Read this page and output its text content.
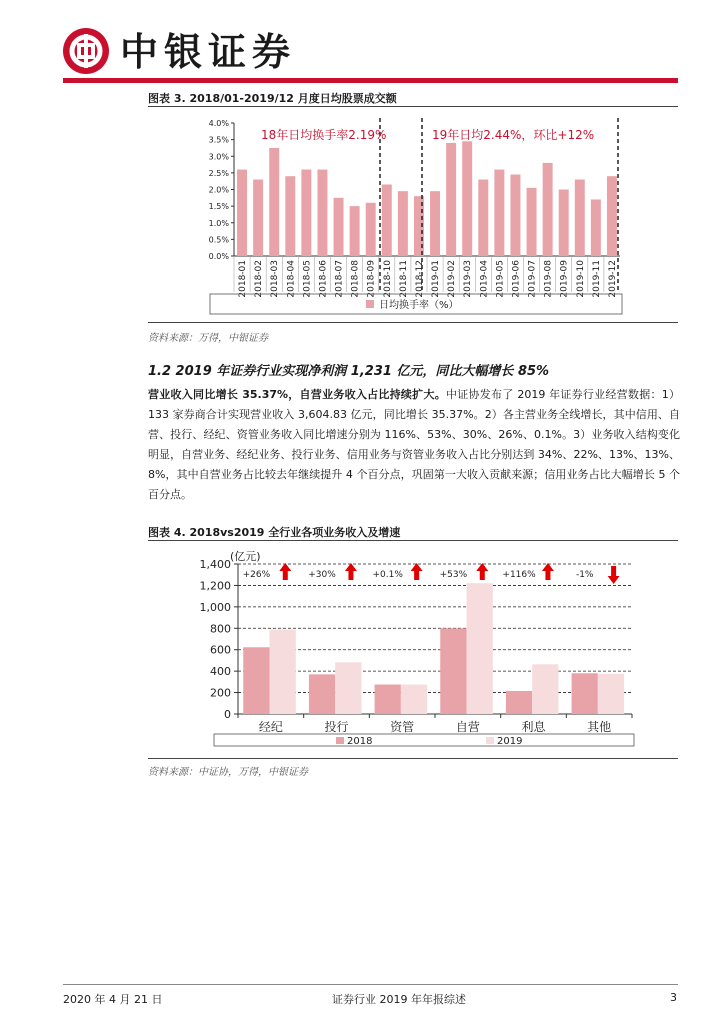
中银证券
图表 3. 2018/01-2019/12 月度日均股票成交额
0.0%
0.5%
1.0%
1.5%
2.0%
2.5%
3.0%
3.5%
4.0%
2018-01 2018-02 2018-03 2018-04 2018-05 2018-06 2018-07 2018-08 2018-09 2018-10 2018-11 2018-12 2019-01 2019-02 2019-03 2019-04 2019-05 2019-06 2019-07 2019-08 2019-09 2019-10 2019-11 2019-12
18年日均换手率2.19%	19年日均2.44%，环比+12%
日均换手率（%）
资料来源：万得，中银证券
1.2 2019 年证券行业实现净利润 1,231 亿元，同比大幅增长 85%
营业收入同比增长 35.37%，自营业务收入占比持续扩大。中证协发布了 2019 年证券行业经营数据：1）133 家券商合计实现营业收入 3,604.83 亿元，同比增长 35.37%。2）各主营业务全线增长，其中信用、自营、投行、经纪、资管业务收入同比增速分别为 116%、53%、30%、26%、0.1%。3）业务收入结构变化明显，自营业务、经纪业务、投行业务、信用业务与资管业务收入占比分别达到 34%、22%、13%、13%、8%，其中自营业务占比较去年继续提升 4 个百分点，巩固第一大收入贡献来源；信用业务占比大幅增长 5 个百分点。
图表 4. 2018vs2019 全行业各项业务收入及增速
(亿元)
0
200
400
600
800
1,000
1,200
1,400
+26%	+30%	+0.1%	+53%	+116%	-1%
经纪	投行	资管	自营	利息	其他
2018	2019
资料来源：中证协，万得，中银证券
2020 年 4 月 21 日	证券行业 2019 年年报综述	3
